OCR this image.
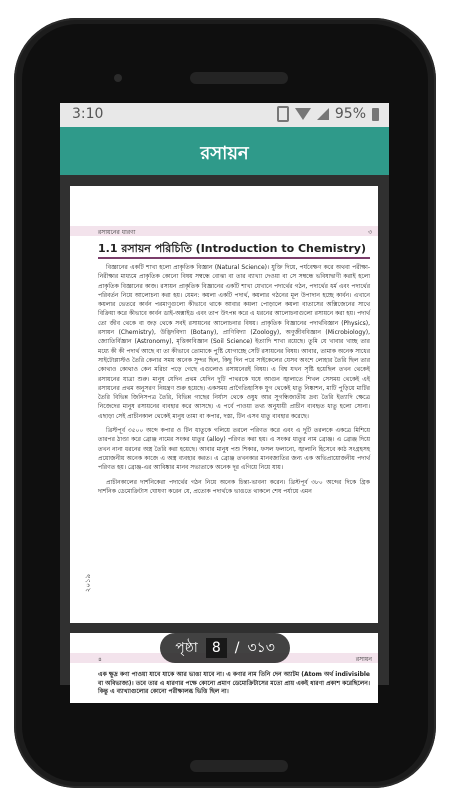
3:10	95%
রসায়ন
রসায়নের ধারণা	৩
1.1 রসায়ন পরিচিতি (Introduction to Chemistry)

বিজ্ঞানের একটি শাখা হলো প্রাকৃতিক বিজ্ঞান (Natural Science)। যুক্তি দিয়ে, পর্যবেক্ষণ করে অথবা পরীক্ষা-নিরীক্ষার মাধ্যমে প্রাকৃতিক কোনো বিষয় সম্বন্ধে বোঝা বা তার ব্যাখ্যা দেওয়া বা সে সম্বন্ধে ভবিষ্যদ্বাণী করাই হলো প্রাকৃতিক বিজ্ঞানের কাজ। রসায়ন প্রাকৃতিক বিজ্ঞানের একটি শাখা যেখানে পদার্থের গঠন, পদার্থের ধর্ম এবং পদার্থের পরিবর্তন নিয়ে আলোচনা করা হয়। যেমন: কয়লা একটি পদার্থ, কয়লার গঠনের মূল উপাদান হচ্ছে কার্বন। এখানে কয়লার ভেতরে কার্বন পরমাণুগুলো কীভাবে থাকে আবার কয়লা পোড়ালে কয়লা বাতাসের অক্সিজেনের সাথে বিক্রিয়া করে কীভাবে কার্বন ডাই-অক্সাইড এবং তাপ উৎপন্ন করে এ ধরনের আলোচনাগুলো রসায়নে করা হয়। পদার্থ তো জীব থেকে বা জড় থেকে সবই রসায়নের আলোচনার বিষয়। প্রাকৃতিক বিজ্ঞানের পদার্থবিজ্ঞান (Physics), রসায়ন (Chemistry), উদ্ভিদবিদ্যা (Botany), প্রাণিবিদ্যা (Zoology), অণুজীববিজ্ঞান (Microbiology), জ্যোতির্বিজ্ঞান (Astronomy), মৃত্তিকাবিজ্ঞান (Soil Science) ইত্যাদি শাখা রয়েছে। তুমি যে খাবার খাচ্ছ তার মধ্যে কী কী পদার্থ আছে বা তা কীভাবে তোমাকে পুষ্টি যোগাচ্ছে সেটি রসায়নের বিষয়। আবার, তামাক অনেক সাধের সাইটোপ্লাস্টও তৈরি কেনার সময় অনেক সুন্দর ছিল, কিছু দিন পরে সাইকেলের যেসব অংশে লোহার তৈরি ছিল তার কোথাও কোথাও কেন মরিচা পড়ে গেছে এগুলোও রসায়নেরই বিষয়। এ বিশ্ব যখন সৃষ্টি হয়েছিল তখন থেকেই রসায়নের যাত্রা শুরু। মানুষ যেদিন প্রথম যেদিন দুটি পাথরকে ঘষে আগুন জ্বালাতে শিখল সেসময় থেকেই এই রসায়নের প্রথম অনুসরণ নিয়ন্ত্রণ শুরু হয়েছে। একসময় প্রাগৈতিহাসিক যুগ থেকেই ধাতু নিষ্কাশন, মাটি পুড়িয়ে মাটির তৈরি বিভিন্ন জিনিসপত্র তৈরি, বিভিন্ন গাছের নির্যাস থেকে ওষুধ আর সুগন্ধিজাতীয় দ্রব্য তৈরি ইত্যাদি ক্ষেত্রে নিজেদের মানুষ রসায়নের ব্যবহার করে আসছে। এ পর্বে পাওয়া তথ্য অনুযায়ী প্রাচীন ব্যবহৃত ধাতু হলো সোনা। এছাড়া সেই প্রাচীনকাল থেকেই মানুষ তামা বা কপার, দস্তা, টিন এসব ধাতু ব্যবহার করেছে।

খ্রিস্টপূর্ব ৩৫০০ অব্দে কপার ও টিন ধাতুকে গলিয়ে তরলে পরিণত করে এবং এ দুটি তরলকে একত্রে মিশিয়ে তারপর ঠাণ্ডা করে ব্রোঞ্জ নামের সংকর ধাতুর (alloy) পরিণত করা হয়। এ সংকর ধাতুর নাম ব্রোঞ্জ। এ ব্রোঞ্জ দিয়ে তখন নানা ধরনের অস্ত্র তৈরি করা হয়েছে। আবার মানুষ পশু শিকার, ফসল ফলানো, জ্বালানি হিসেবে কাঠ সংগ্রহসহ প্রয়োজনীয় অনেক কাজে এ অস্ত্র ব্যবহার করত। এ ব্রোঞ্জ তখনকার মানবজাতির জন্য এক অভিপ্রায়োজনীয় পদার্থ পরিণত হয়। ব্রোঞ্জ-এর আবিষ্কার মানব সভ্যতাকে অনেক দূর এগিয়ে নিয়ে যায়।

প্রাচীনকালের দার্শনিকেরা পদার্থের গঠন নিয়ে অনেক চিন্তা-ভাবনা করেন। খ্রিস্টপূর্ব ৩৮০ অব্দের দিকে গ্রিক দার্শনিক ডেমোক্রিটাস ঘোষণা করেন যে, প্রত্যেক পদার্থকে ভাঙতে থাকলে শেষ পর্যায়ে এমন

২০১৯
৪	রসায়ন
এক ক্ষুদ্র কণা পাওয়া যাবে যাকে আর ভাঙা যাবে না। এ কণার নাম তিনি দেন অ্যাটম (Atom অর্থ indivisible বা অবিভাজ্য)। তবে তার এ ধারণার পক্ষে কোনো প্রমাণ ডেমোক্রিটাসের মতো প্রায় একই ধারণা প্রকাশ করেছিলেন। কিন্তু এ ব্যাখ্যাগুলোর কোনো পরীক্ষালব্ধ ভিত্তি ছিল না।
পৃষ্ঠা	8	/ ৩১৩
